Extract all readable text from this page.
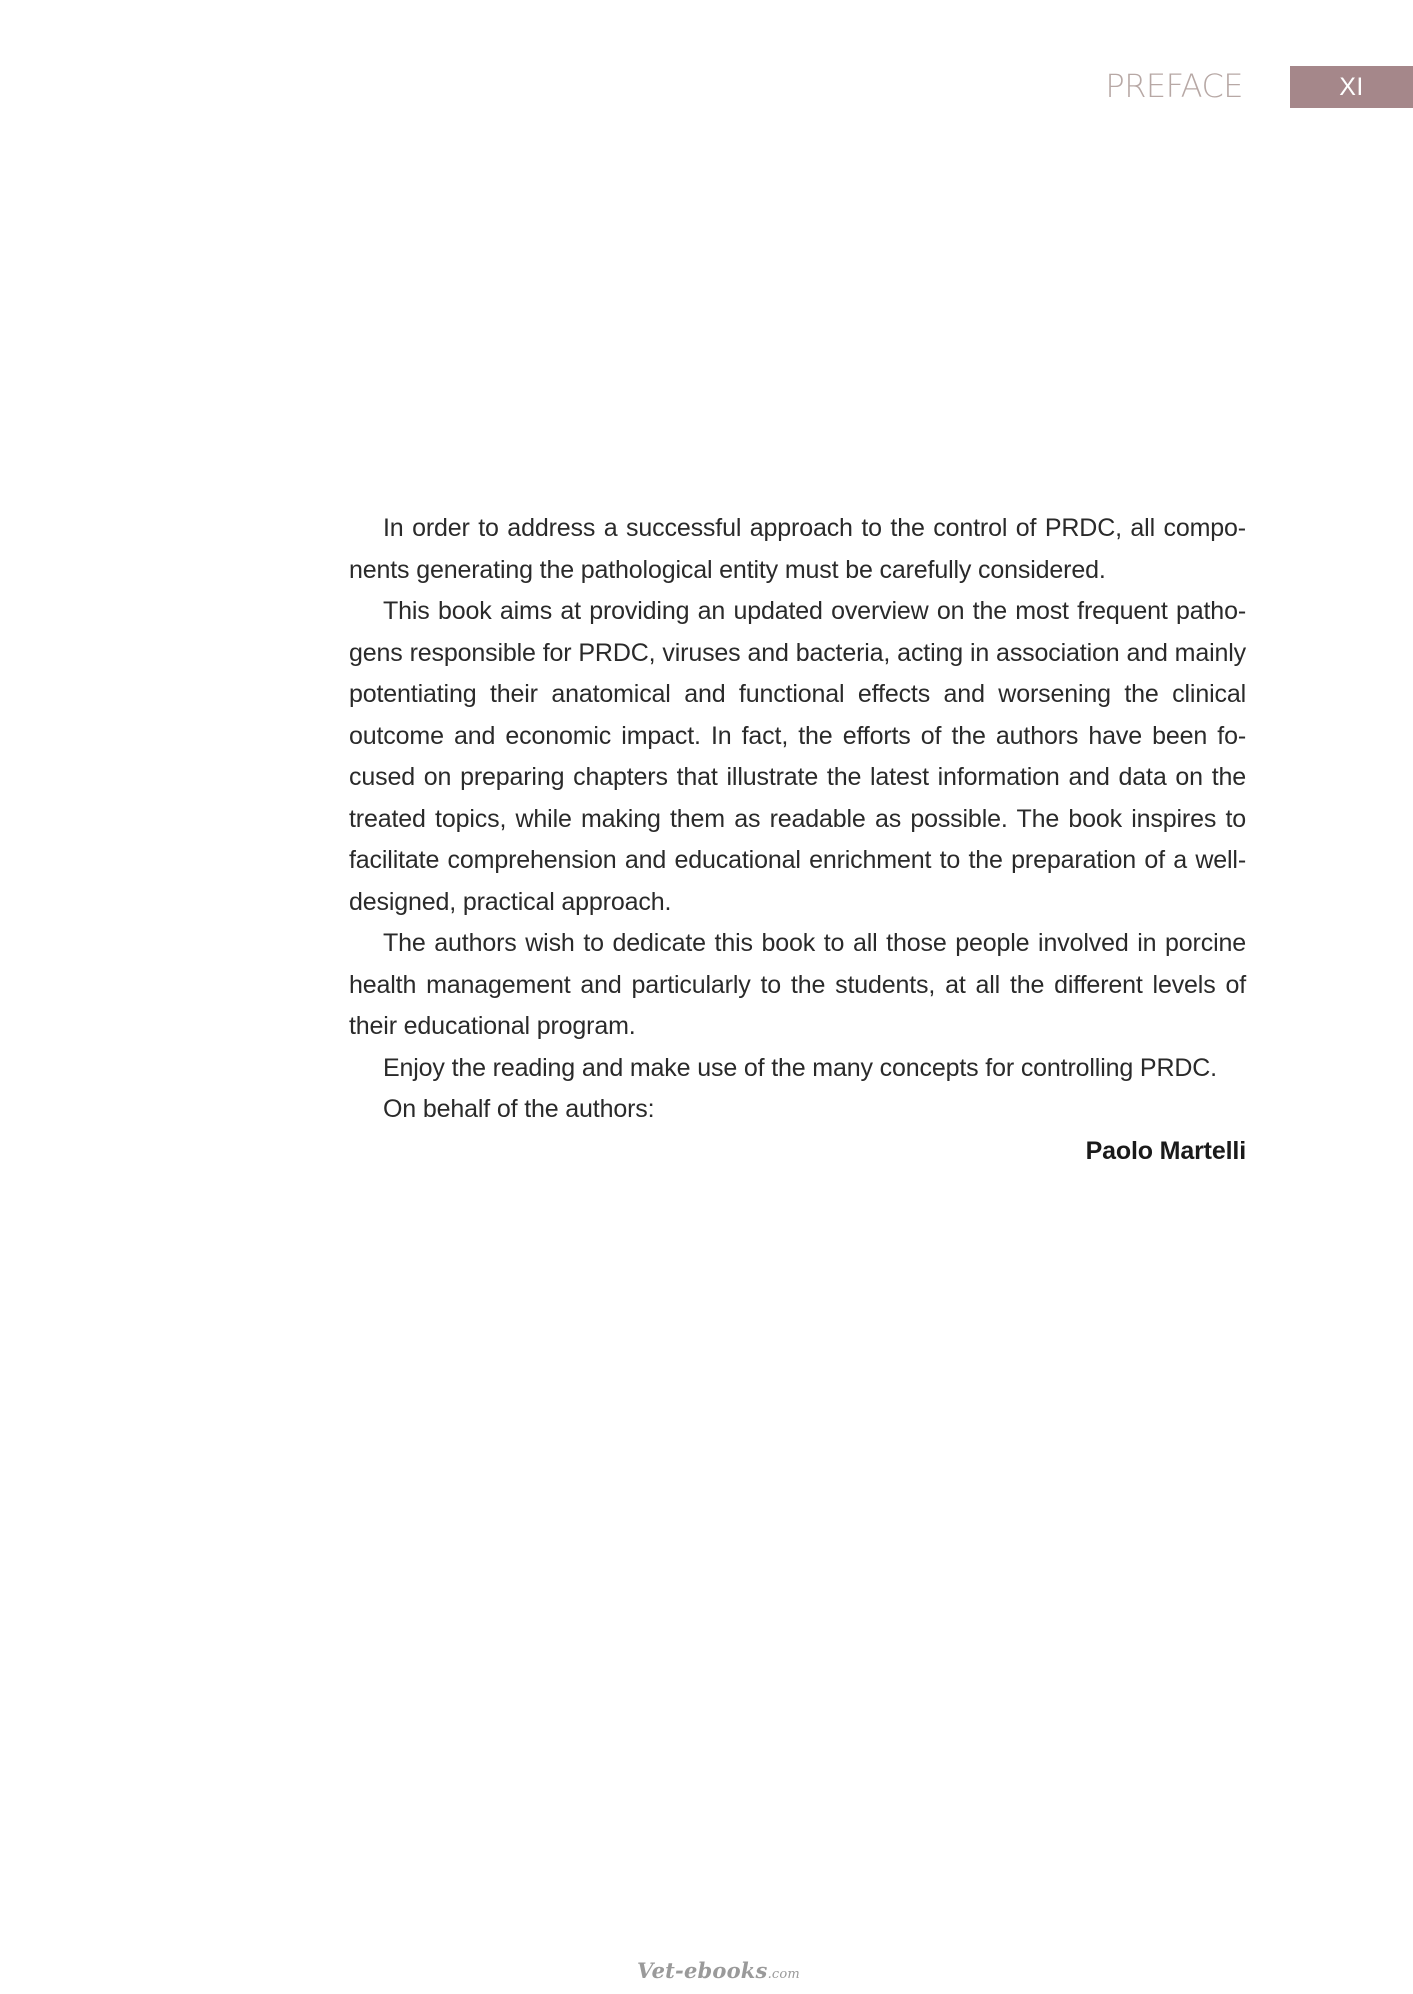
PREFACE	XI

In order to address a successful approach to the control of PRDC, all compo-nents generating the pathological entity must be carefully considered.

This book aims at providing an updated overview on the most frequent patho-gens responsible for PRDC, viruses and bacteria, acting in association and mainly potentiating their anatomical and functional effects and worsening the clinical outcome and economic impact. In fact, the efforts of the authors have been fo-cused on preparing chapters that illustrate the latest information and data on the treated topics, while making them as readable as possible. The book inspires to facilitate comprehension and educational enrichment to the preparation of a well-designed, practical approach.

The authors wish to dedicate this book to all those people involved in porcine health management and particularly to the students, at all the different levels of their educational program.

Enjoy the reading and make use of the many concepts for controlling PRDC.

On behalf of the authors:

Paolo Martelli

Vet-ebooks.com
